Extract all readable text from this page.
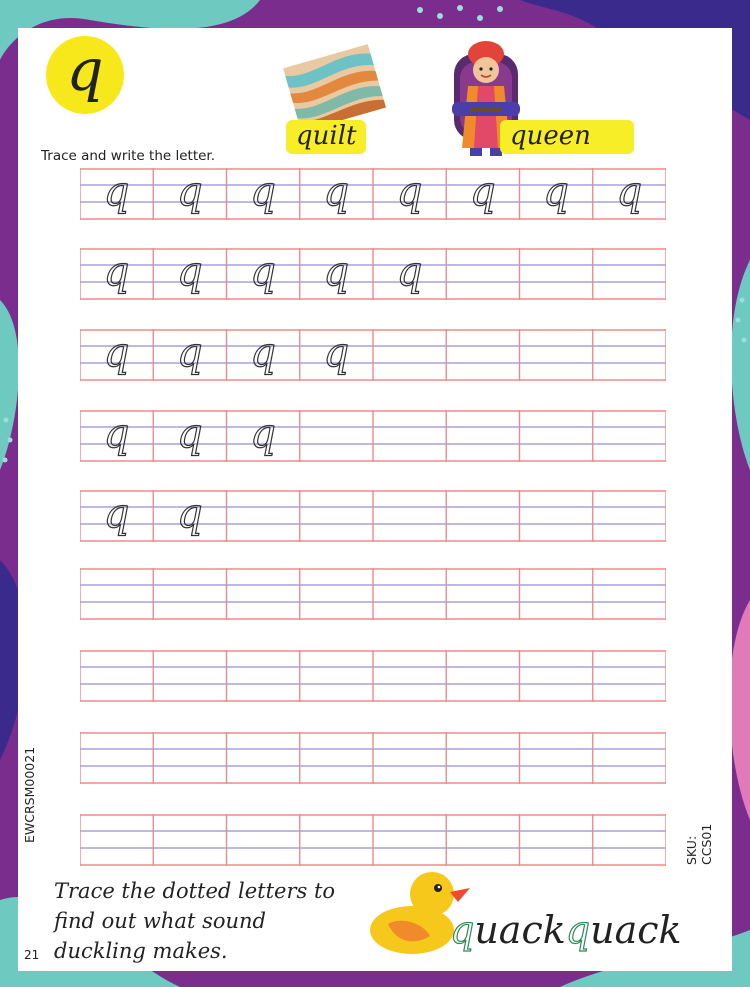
q
quilt	queen
Trace and write the letter.
q q q q q q q q
q q q q q
q q q q
q q q
q q
Trace the dotted letters to
find out what sound
duckling makes.	quackquack
21
EWCRSM00021
SKU: CCS01
